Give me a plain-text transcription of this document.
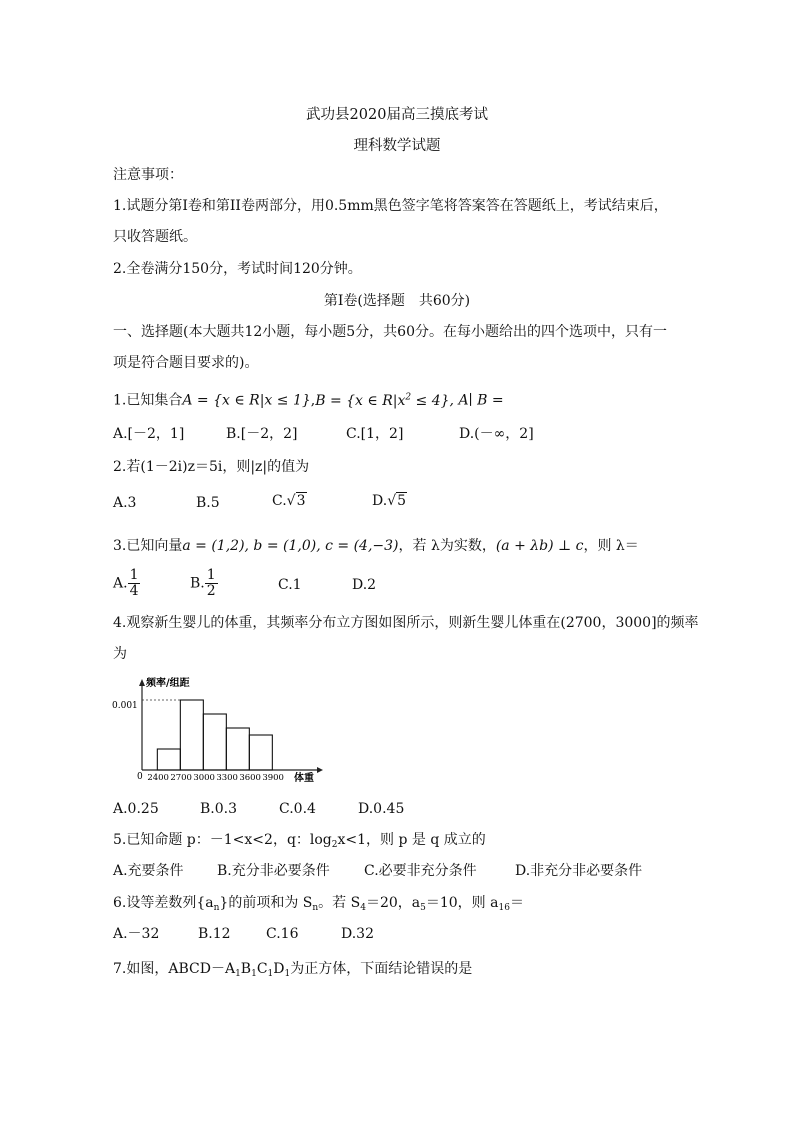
武功县2020届高三摸底考试
理科数学试题
注意事项：
1.试题分第I卷和第II卷两部分，用0.5mm黑色签字笔将答案答在答题纸上，考试结束后，
只收答题纸。
2.全卷满分150分，考试时间120分钟。
第I卷(选择题　共60分)
一、选择题(本大题共12小题，每小题5分，共60分。在每小题给出的四个选项中，只有一
项是符合题目要求的)。
1.已知集合A = {x ∈ R|x ≤ 1},B = {x ∈ $R|x^2 \le 4$}, A∣ B =
A.[－2，1]	B.[－2，2]	C.[1，2]	D.(－∞，2]
2.若(1－2i)z＝5i，则|z|的值为
A.3	B.5	C.√3	D.√5
3.已知向量a = (1,2), b = (1,0), c = (4,−3)，若 λ为实数，(a + λb) ⊥ c，则 λ＝
A. $\frac{1}{4}$	B. $\frac{1}{2}$	C.1	D.2
4.观察新生婴儿的体重，其频率分布立方图如图所示，则新生婴儿体重在(2700，3000]的频率
为
频率/组距
体重
0
0.001
2400 2700 3000 3300 3600 3900

A.0.25	B.0.3	C.0.4	D.0.45
5.已知命题 p：－1<x<2，q：$\log_2x<1$，则 p 是 q 成立的
A.充要条件 B.充分非必要条件 C.必要非充分条件	D.非充分非必要条件
6.设等差数列$\{a_n\}$的前项和为 $S_n$。若 $S_4=20$，$a_5=10$，则 $a_{16}=$
A.－32	B.12	C.16	D.32
7.如图，$ABCD-A_1B_1C_1D_1$为正方体，下面结论错误的是
